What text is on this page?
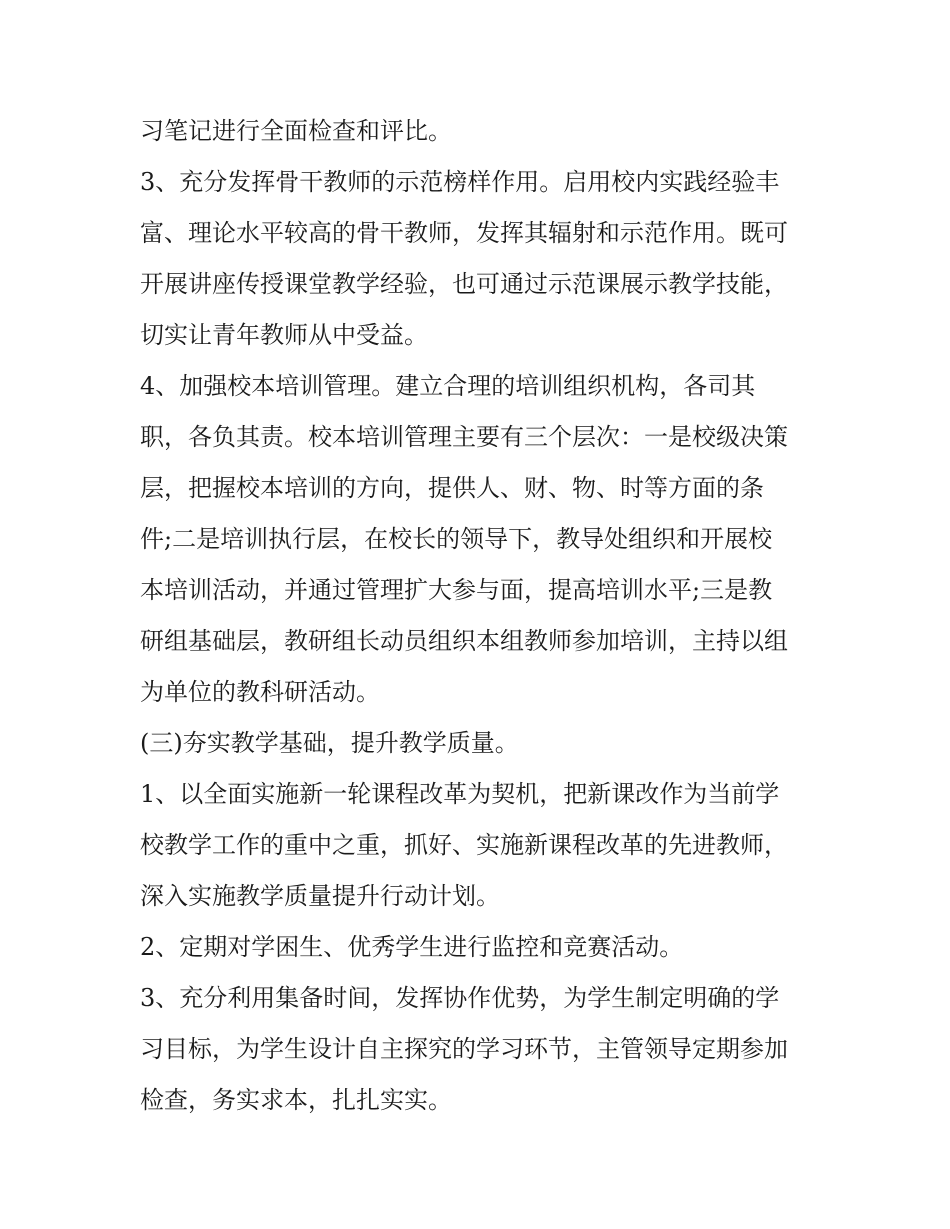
习笔记进行全面检查和评比。
3、充分发挥骨干教师的示范榜样作用。启用校内实践经验丰
富、理论水平较高的骨干教师，发挥其辐射和示范作用。既可
开展讲座传授课堂教学经验，也可通过示范课展示教学技能，
切实让青年教师从中受益。
4、加强校本培训管理。建立合理的培训组织机构，各司其
职，各负其责。校本培训管理主要有三个层次：一是校级决策
层，把握校本培训的方向，提供人、财、物、时等方面的条
件;二是培训执行层，在校长的领导下，教导处组织和开展校
本培训活动，并通过管理扩大参与面，提高培训水平;三是教
研组基础层，教研组长动员组织本组教师参加培训，主持以组
为单位的教科研活动。
(三)夯实教学基础，提升教学质量。
1、以全面实施新一轮课程改革为契机，把新课改作为当前学
校教学工作的重中之重，抓好、实施新课程改革的先进教师，
深入实施教学质量提升行动计划。
2、定期对学困生、优秀学生进行监控和竞赛活动。
3、充分利用集备时间，发挥协作优势，为学生制定明确的学
习目标，为学生设计自主探究的学习环节，主管领导定期参加
检查，务实求本，扎扎实实。
